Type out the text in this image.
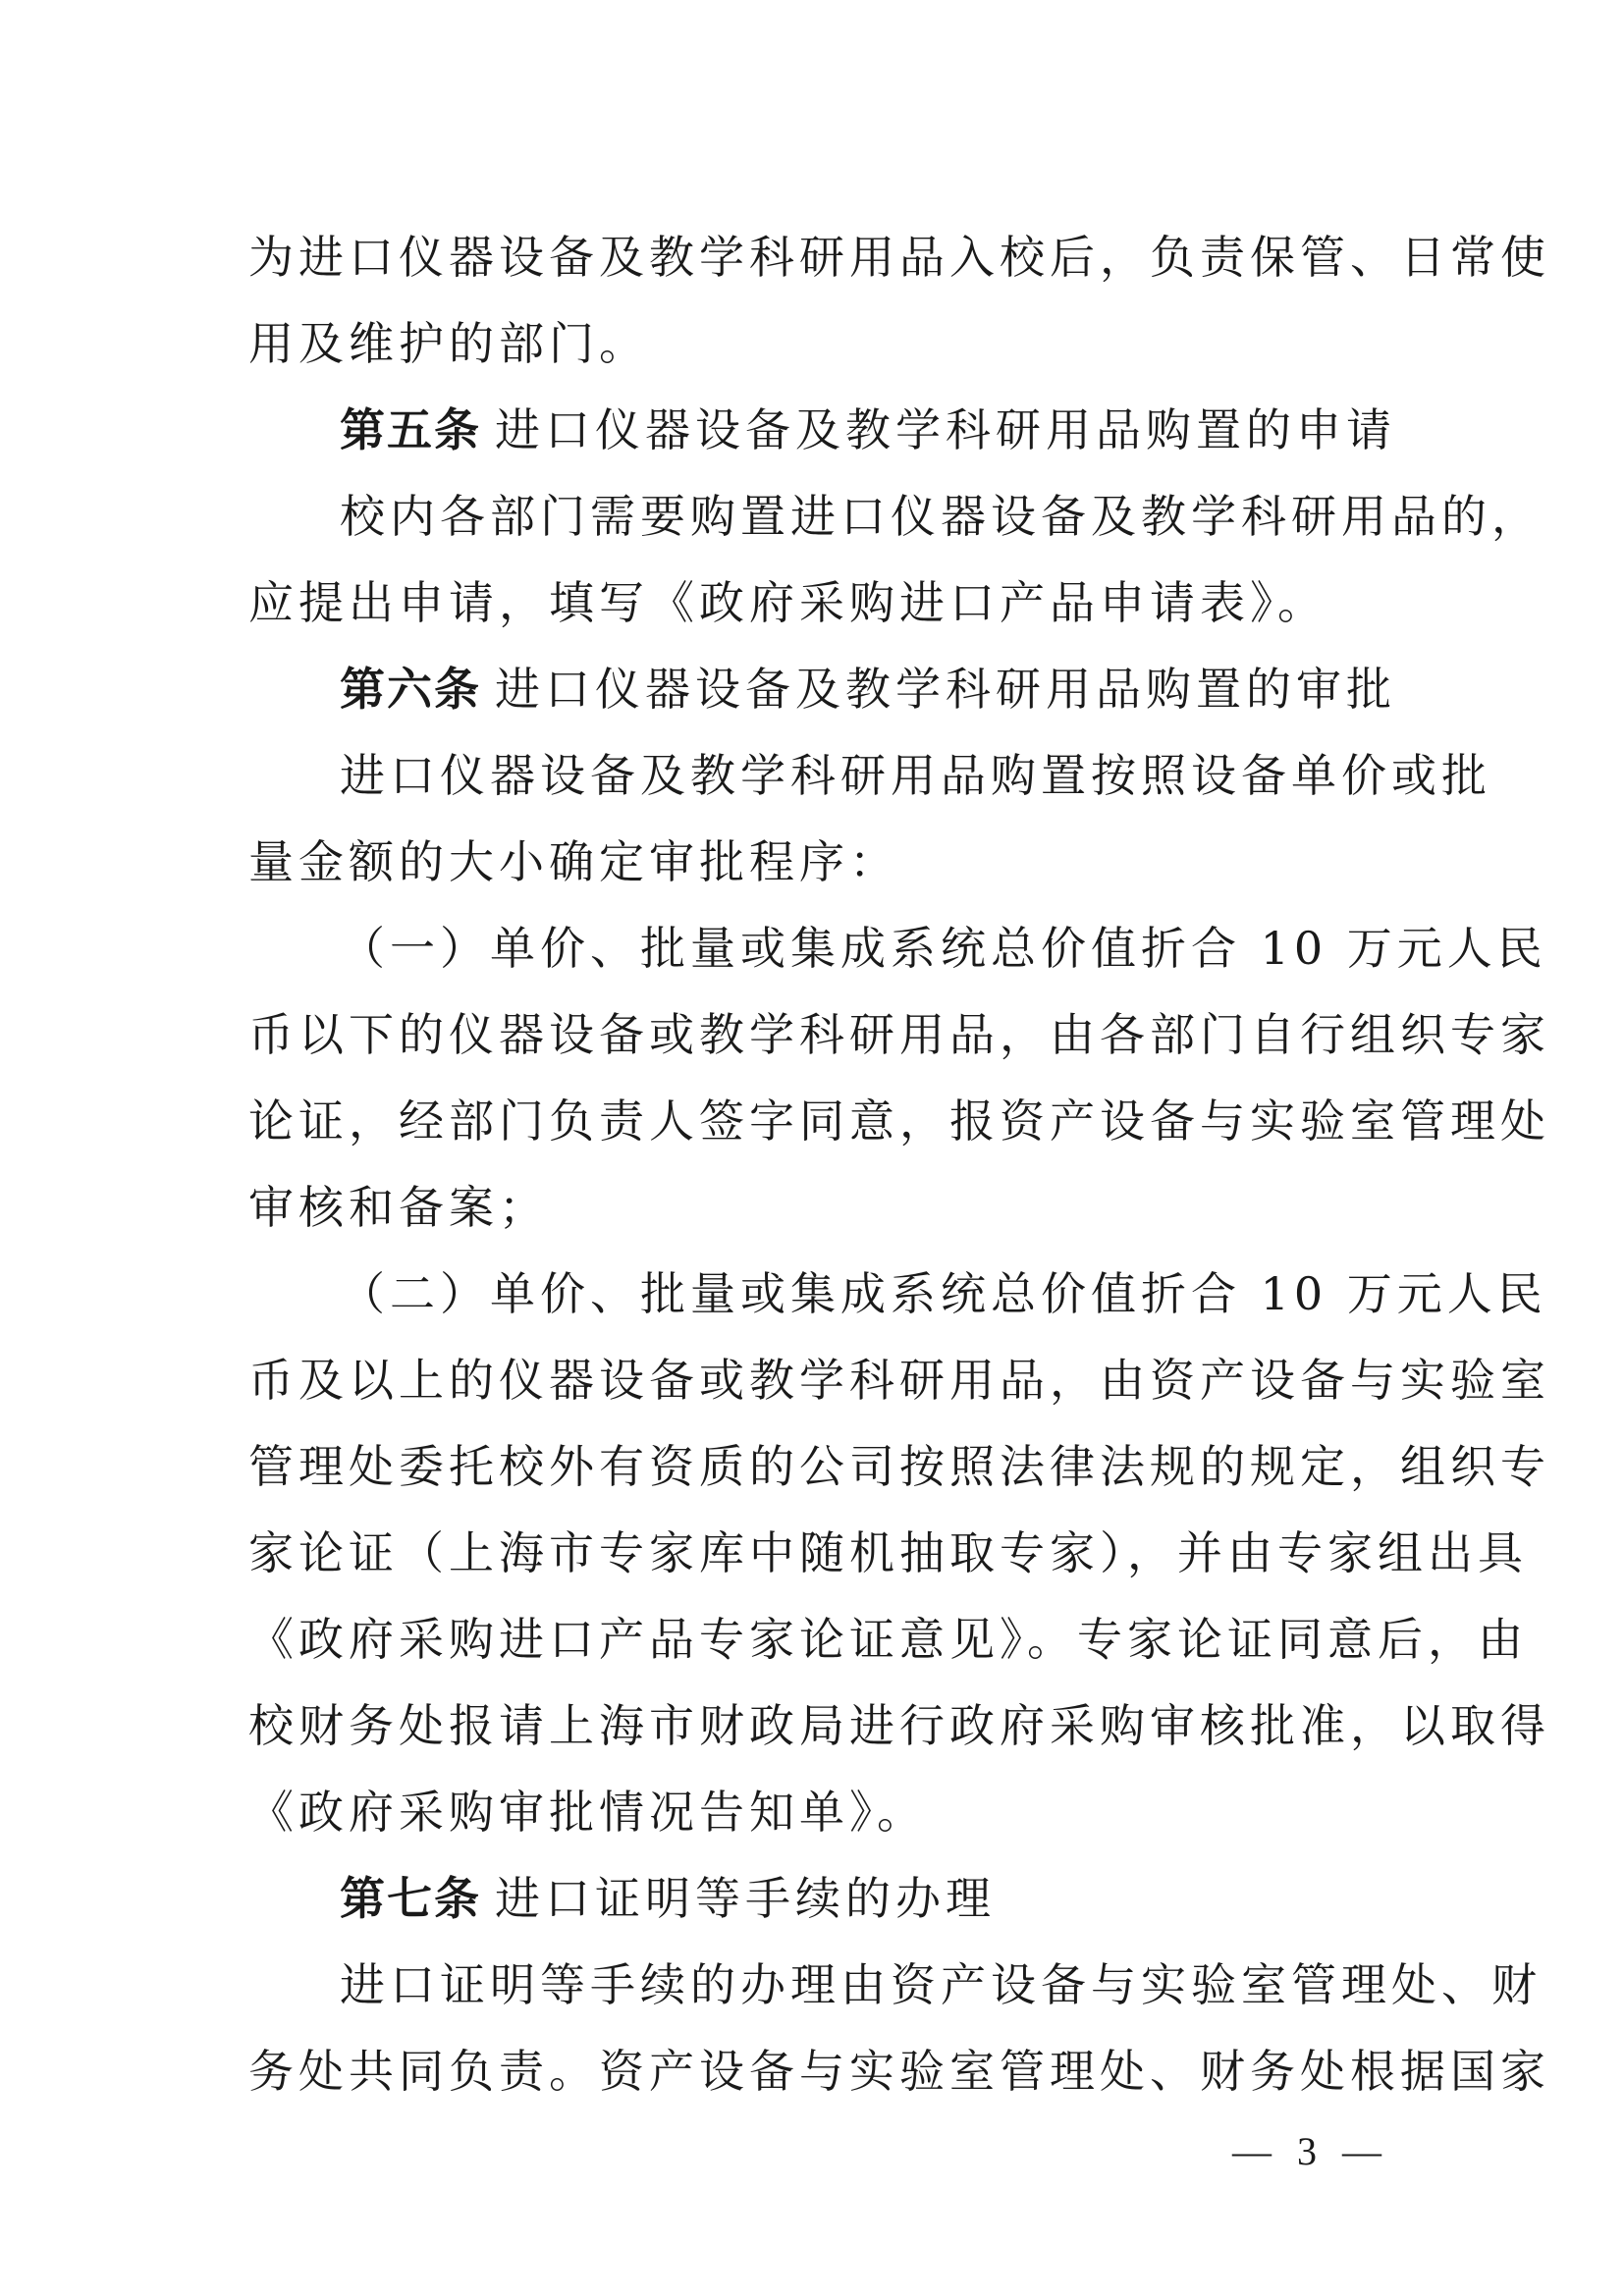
为进口仪器设备及教学科研用品入校后，负责保管、日常使
用及维护的部门。
第五条 进口仪器设备及教学科研用品购置的申请
校内各部门需要购置进口仪器设备及教学科研用品的，
应提出申请，填写《政府采购进口产品申请表》。
第六条 进口仪器设备及教学科研用品购置的审批
进口仪器设备及教学科研用品购置按照设备单价或批
量金额的大小确定审批程序：
（一）单价、批量或集成系统总价值折合 10 万元人民
币以下的仪器设备或教学科研用品，由各部门自行组织专家
论证，经部门负责人签字同意，报资产设备与实验室管理处
审核和备案；
（二）单价、批量或集成系统总价值折合 10 万元人民
币及以上的仪器设备或教学科研用品，由资产设备与实验室
管理处委托校外有资质的公司按照法律法规的规定，组织专
家论证（上海市专家库中随机抽取专家），并由专家组出具
《政府采购进口产品专家论证意见》。专家论证同意后，由
校财务处报请上海市财政局进行政府采购审核批准，以取得
《政府采购审批情况告知单》。
第七条 进口证明等手续的办理
进口证明等手续的办理由资产设备与实验室管理处、财
务处共同负责。资产设备与实验室管理处、财务处根据国家
— 3 —
